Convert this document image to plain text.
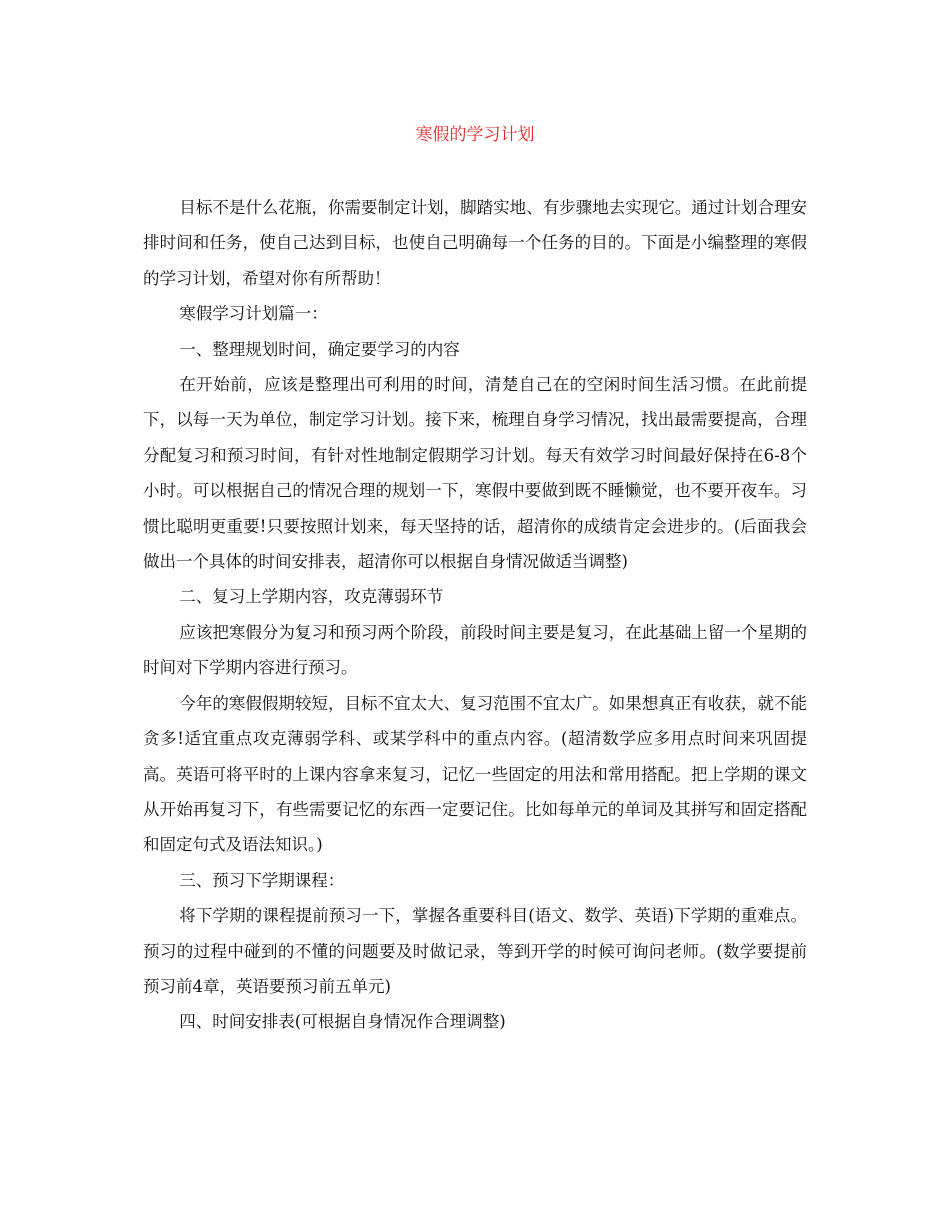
寒假的学习计划

目标不是什么花瓶，你需要制定计划，脚踏实地、有步骤地去实现它。通过计划合理安排时间和任务，使自己达到目标，也使自己明确每一个任务的目的。下面是小编整理的寒假的学习计划，希望对你有所帮助！

寒假学习计划篇一：

一、整理规划时间，确定要学习的内容

在开始前，应该是整理出可利用的时间，清楚自己在的空闲时间生活习惯。在此前提下，以每一天为单位，制定学习计划。接下来，梳理自身学习情况，找出最需要提高，合理分配复习和预习时间，有针对性地制定假期学习计划。每天有效学习时间最好保持在6-8个小时。可以根据自己的情况合理的规划一下，寒假中要做到既不睡懒觉，也不要开夜车。习惯比聪明更重要!只要按照计划来，每天坚持的话，超清你的成绩肯定会进步的。(后面我会做出一个具体的时间安排表，超清你可以根据自身情况做适当调整)

二、复习上学期内容，攻克薄弱环节

应该把寒假分为复习和预习两个阶段，前段时间主要是复习，在此基础上留一个星期的时间对下学期内容进行预习。

今年的寒假假期较短，目标不宜太大、复习范围不宜太广。如果想真正有收获，就不能贪多!适宜重点攻克薄弱学科、或某学科中的重点内容。(超清数学应多用点时间来巩固提高。英语可将平时的上课内容拿来复习，记忆一些固定的用法和常用搭配。把上学期的课文从开始再复习下，有些需要记忆的东西一定要记住。比如每单元的单词及其拼写和固定搭配和固定句式及语法知识。)

三、预习下学期课程：

将下学期的课程提前预习一下，掌握各重要科目(语文、数学、英语)下学期的重难点。预习的过程中碰到的不懂的问题要及时做记录，等到开学的时候可询问老师。(数学要提前预习前4章，英语要预习前五单元)

四、时间安排表(可根据自身情况作合理调整)
